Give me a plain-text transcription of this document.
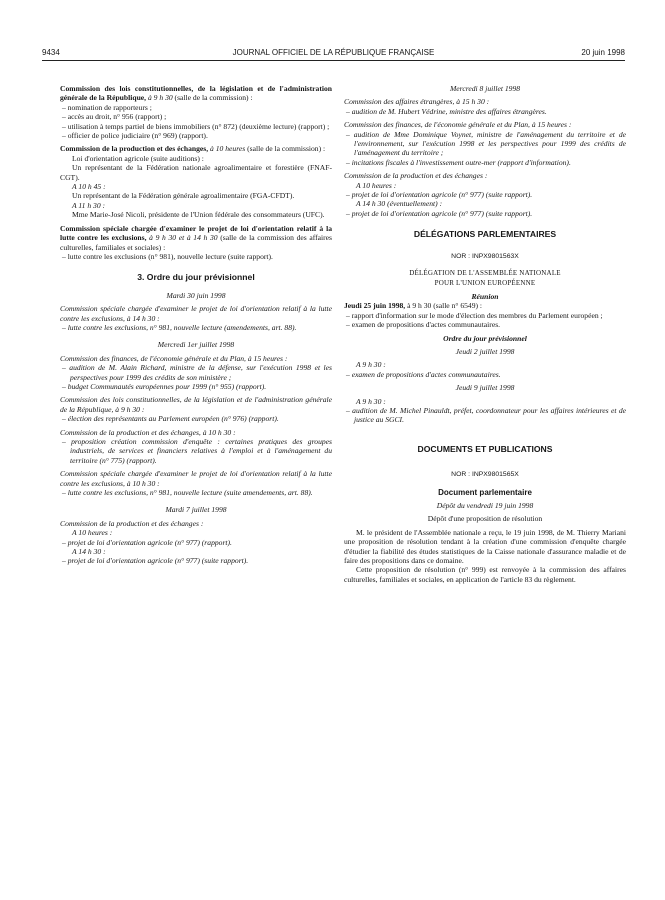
9434	JOURNAL OFFICIEL DE LA RÉPUBLIQUE FRANÇAISE	20 juin 1998

Commission des lois constitutionnelles, de la législation et de l'administration générale de la République, à 9 h 30 (salle de la commission) :

– nomination de rapporteurs ;

– accès au droit, n° 956 (rapport) ;

– utilisation à temps partiel de biens immobiliers (n° 872) (deuxième lecture) (rapport) ;

– officier de police judiciaire (n° 969) (rapport).

Commission de la production et des échanges, à 10 heures (salle de la commission) :

Loi d'orientation agricole (suite auditions) :

Un représentant de la Fédération nationale agroalimentaire et forestière (FNAF-CGT).

A 10 h 45 :

Un représentant de la Fédération générale agroalimentaire (FGA-CFDT).

A 11 h 30 :

Mme Marie-José Nicoli, présidente de l'Union fédérale des consommateurs (UFC).

Commission spéciale chargée d'examiner le projet de loi d'orientation relatif à la lutte contre les exclusions, à 9 h 30 et à 14 h 30 (salle de la commission des affaires culturelles, familiales et sociales) :

– lutte contre les exclusions (n° 981), nouvelle lecture (suite rapport).

3. Ordre du jour prévisionnel

Mardi 30 juin 1998

Commission spéciale chargée d'examiner le projet de loi d'orientation relatif à la lutte contre les exclusions, à 14 h 30 :

– lutte contre les exclusions, n° 981, nouvelle lecture (amendements, art. 88).

Mercredi 1er juillet 1998

Commission des finances, de l'économie générale et du Plan, à 15 heures :

– audition de M. Alain Richard, ministre de la défense, sur l'exécution 1998 et les perspectives pour 1999 des crédits de son ministère ;

– budget Communautés européennes pour 1999 (n° 955) (rapport).

Commission des lois constitutionnelles, de la législation et de l'administration générale de la République, à 9 h 30 :

– élection des représentants au Parlement européen (n° 976) (rapport).

Commission de la production et des échanges, à 10 h 30 :

– proposition création commission d'enquête : certaines pratiques des groupes industriels, de services et financiers relatives à l'emploi et à l'aménagement du territoire (n° 775) (rapport).

Commission spéciale chargée d'examiner le projet de loi d'orientation relatif à la lutte contre les exclusions, à 10 h 30 :

– lutte contre les exclusions, n° 981, nouvelle lecture (suite amendements, art. 88).

Mardi 7 juillet 1998

Commission de la production et des échanges :

A 10 heures :

– projet de loi d'orientation agricole (n° 977) (rapport).

A 14 h 30 :

– projet de loi d'orientation agricole (n° 977) (suite rapport).

Mercredi 8 juillet 1998

Commission des affaires étrangères, à 15 h 30 :

– audition de M. Hubert Védrine, ministre des affaires étrangères.

Commission des finances, de l'économie générale et du Plan, à 15 heures :

– audition de Mme Dominique Voynet, ministre de l'aménagement du territoire et de l'environnement, sur l'exécution 1998 et les perspectives pour 1999 des crédits de l'aménagement du territoire ;

– incitations fiscales à l'investissement outre-mer (rapport d'information).

Commission de la production et des échanges :

A 10 heures :

– projet de loi d'orientation agricole (n° 977) (suite rapport).

A 14 h 30 (éventuellement) :

– projet de loi d'orientation agricole (n° 977) (suite rapport).

DÉLÉGATIONS PARLEMENTAIRES

NOR : INPX9801563X

DÉLÉGATION DE L'ASSEMBLÉE NATIONALE

POUR L'UNION EUROPÉENNE

Réunion

Jeudi 25 juin 1998, à 9 h 30 (salle n° 6549) :

– rapport d'information sur le mode d'élection des membres du Parlement européen ;

– examen de propositions d'actes communautaires.

Ordre du jour prévisionnel

Jeudi 2 juillet 1998

A 9 h 30 :

– examen de propositions d'actes communautaires.

Jeudi 9 juillet 1998

A 9 h 30 :

– audition de M. Michel Pinauldt, préfet, coordonnateur pour les affaires intérieures et de justice au SGCI.

DOCUMENTS ET PUBLICATIONS

NOR : INPX9801565X

Document parlementaire

Dépôt du vendredi 19 juin 1998

Dépôt d'une proposition de résolution

M. le président de l'Assemblée nationale a reçu, le 19 juin 1998, de M. Thierry Mariani une proposition de résolution tendant à la création d'une commission d'enquête chargée d'étudier la fiabilité des études statistiques de la Caisse nationale d'assurance maladie et de faire des propositions dans ce domaine.

Cette proposition de résolution (n° 999) est renvoyée à la commission des affaires culturelles, familiales et sociales, en application de l'article 83 du règlement.
